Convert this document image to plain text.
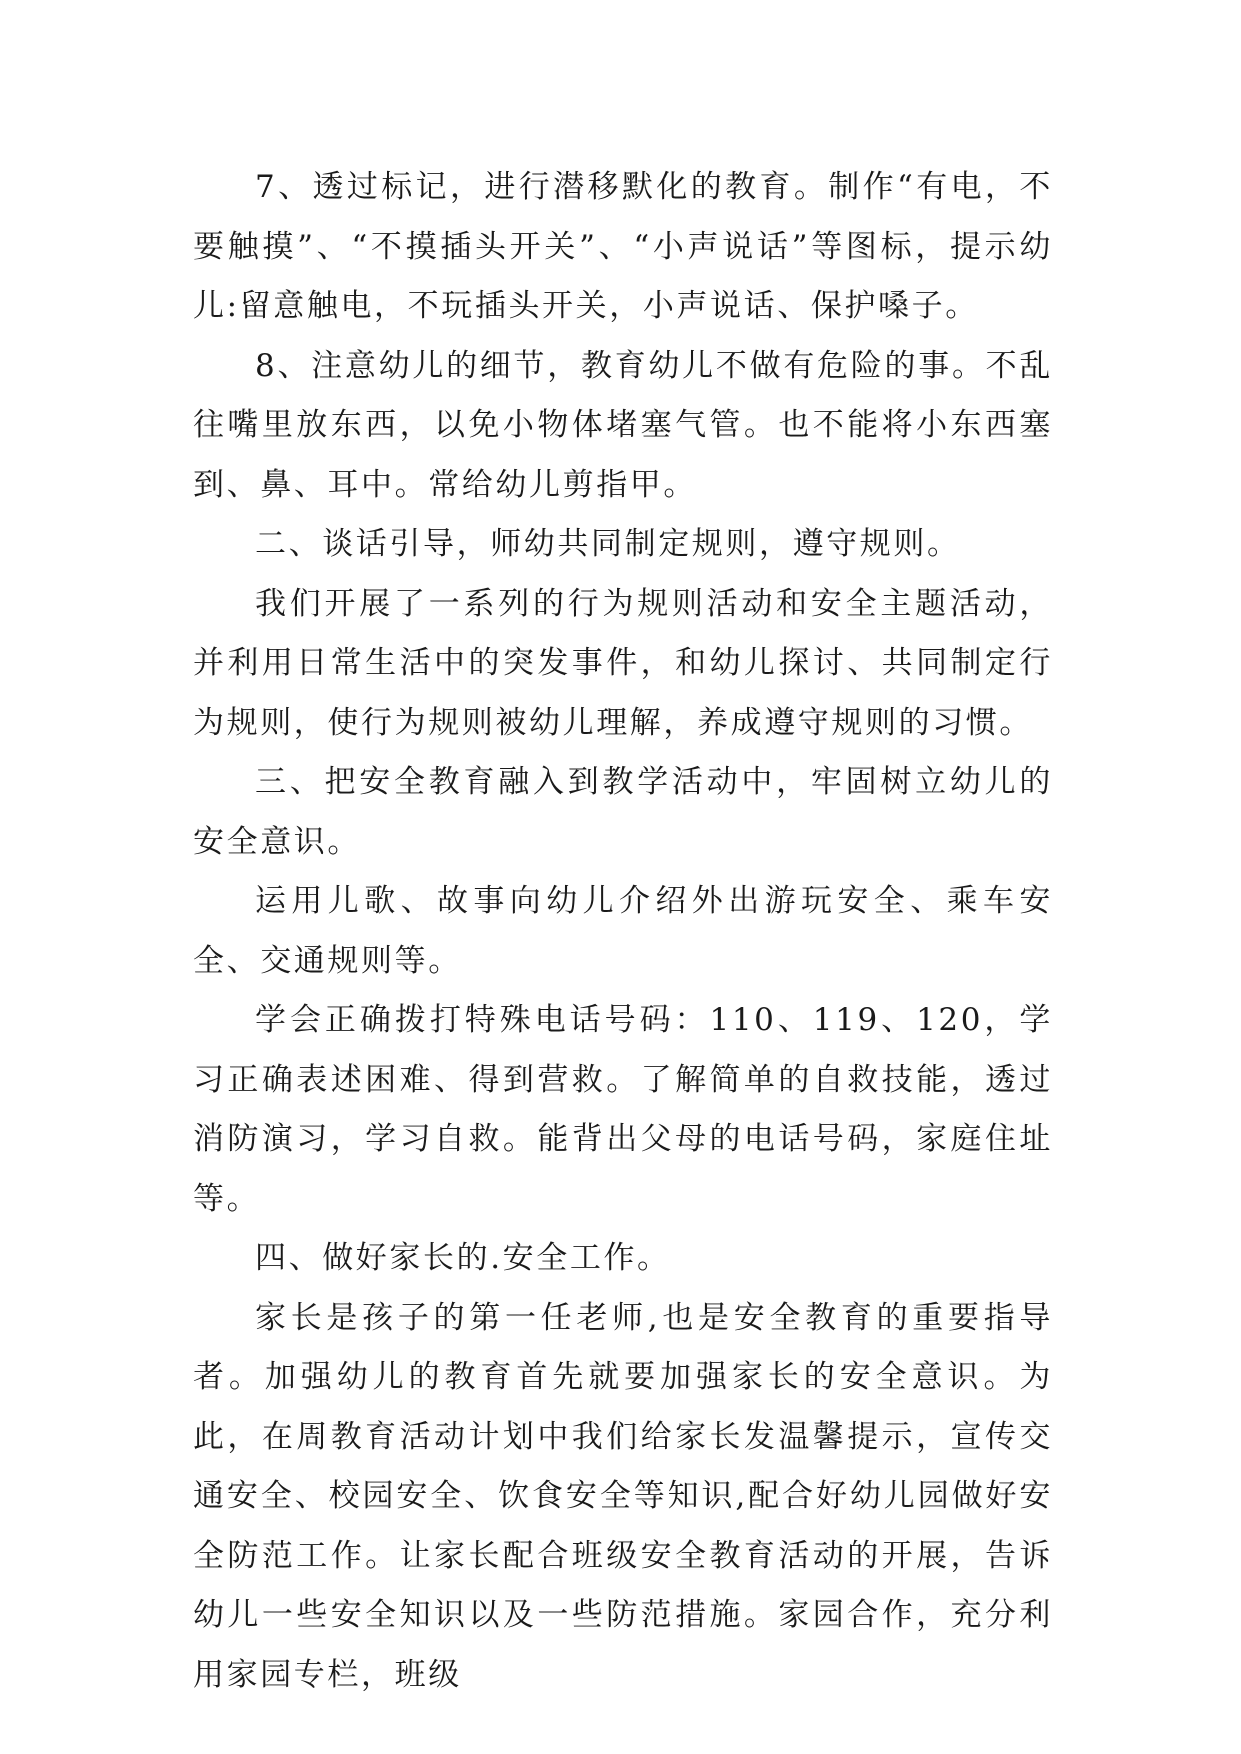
7、透过标记，进行潜移默化的教育。制作“有电，不要触摸”、“不摸插头开关”、“小声说话”等图标，提示幼儿:留意触电，不玩插头开关，小声说话、保护嗓子。

8、注意幼儿的细节，教育幼儿不做有危险的事。不乱往嘴里放东西，以免小物体堵塞气管。也不能将小东西塞到、鼻、耳中。常给幼儿剪指甲。

二、谈话引导，师幼共同制定规则，遵守规则。

我们开展了一系列的行为规则活动和安全主题活动，并利用日常生活中的突发事件，和幼儿探讨、共同制定行为规则，使行为规则被幼儿理解，养成遵守规则的习惯。

三、把安全教育融入到教学活动中，牢固树立幼儿的安全意识。

运用儿歌、故事向幼儿介绍外出游玩安全、乘车安全、交通规则等。

学会正确拨打特殊电话号码：110、119、120，学习正确表述困难、得到营救。了解简单的自救技能，透过消防演习，学习自救。能背出父母的电话号码，家庭住址等。

四、做好家长的.安全工作。

家长是孩子的第一任老师,也是安全教育的重要指导者。加强幼儿的教育首先就要加强家长的安全意识。为此，在周教育活动计划中我们给家长发温馨提示，宣传交通安全、校园安全、饮食安全等知识,配合好幼儿园做好安全防范工作。让家长配合班级安全教育活动的开展，告诉幼儿一些安全知识以及一些防范措施。家园合作，充分利用家园专栏，班级
